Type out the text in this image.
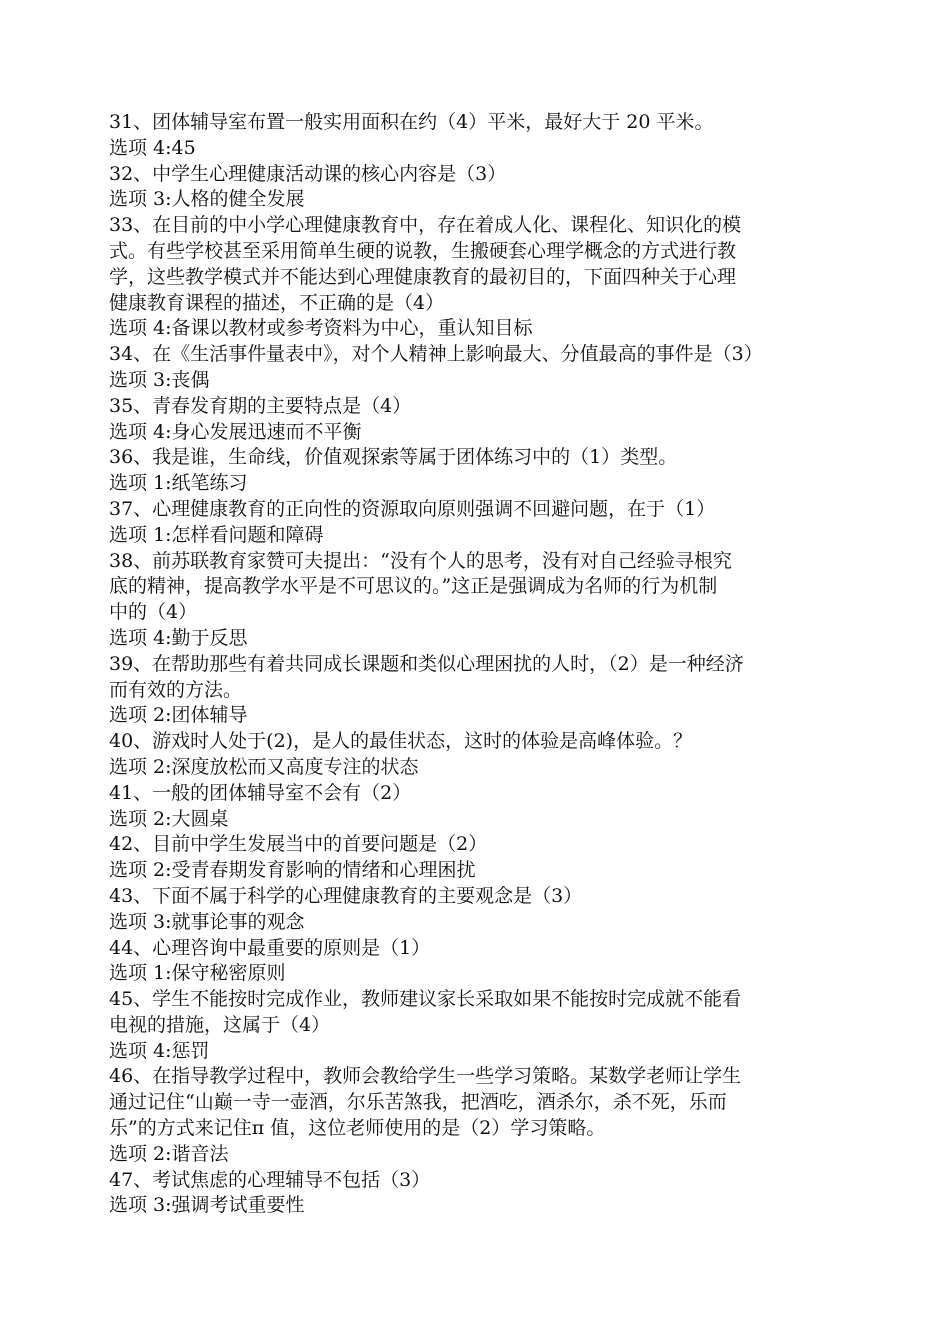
31、团体辅导室布置一般实用面积在约（4）平米，最好大于 20 平米。
选项 4:45
32、中学生心理健康活动课的核心内容是（3）
选项 3:人格的健全发展
33、在目前的中小学心理健康教育中，存在着成人化、课程化、知识化的模
式。有些学校甚至采用简单生硬的说教，生搬硬套心理学概念的方式进行教
学，这些教学模式并不能达到心理健康教育的最初目的，下面四种关于心理
健康教育课程的描述，不正确的是（4）
选项 4:备课以教材或参考资料为中心，重认知目标
34、在《生活事件量表中》，对个人精神上影响最大、分值最高的事件是（3）
选项 3:丧偶
35、青春发育期的主要特点是（4）
选项 4:身心发展迅速而不平衡
36、我是谁，生命线，价值观探索等属于团体练习中的（1）类型。
选项 1:纸笔练习
37、心理健康教育的正向性的资源取向原则强调不回避问题，在于（1）
选项 1:怎样看问题和障碍
38、前苏联教育家赞可夫提出：“没有个人的思考，没有对自己经验寻根究
底的精神，提高教学水平是不可思议的。”这正是强调成为名师的行为机制
中的（4）
选项 4:勤于反思
39、在帮助那些有着共同成长课题和类似心理困扰的人时，（2）是一种经济
而有效的方法。
选项 2:团体辅导
40、游戏时人处于(2)，是人的最佳状态，这时的体验是高峰体验。？
选项 2:深度放松而又高度专注的状态
41、一般的团体辅导室不会有（2）
选项 2:大圆桌
42、目前中学生发展当中的首要问题是（2）
选项 2:受青春期发育影响的情绪和心理困扰
43、下面不属于科学的心理健康教育的主要观念是（3）
选项 3:就事论事的观念
44、心理咨询中最重要的原则是（1）
选项 1:保守秘密原则
45、学生不能按时完成作业，教师建议家长采取如果不能按时完成就不能看
电视的措施，这属于（4）
选项 4:惩罚
46、在指导教学过程中，教师会教给学生一些学习策略。某数学老师让学生
通过记住“山巅一寺一壶酒，尔乐苦煞我，把酒吃，酒杀尔，杀不死，乐而
乐”的方式来记住π 值，这位老师使用的是（2）学习策略。
选项 2:谐音法
47、考试焦虑的心理辅导不包括（3）
选项 3:强调考试重要性
